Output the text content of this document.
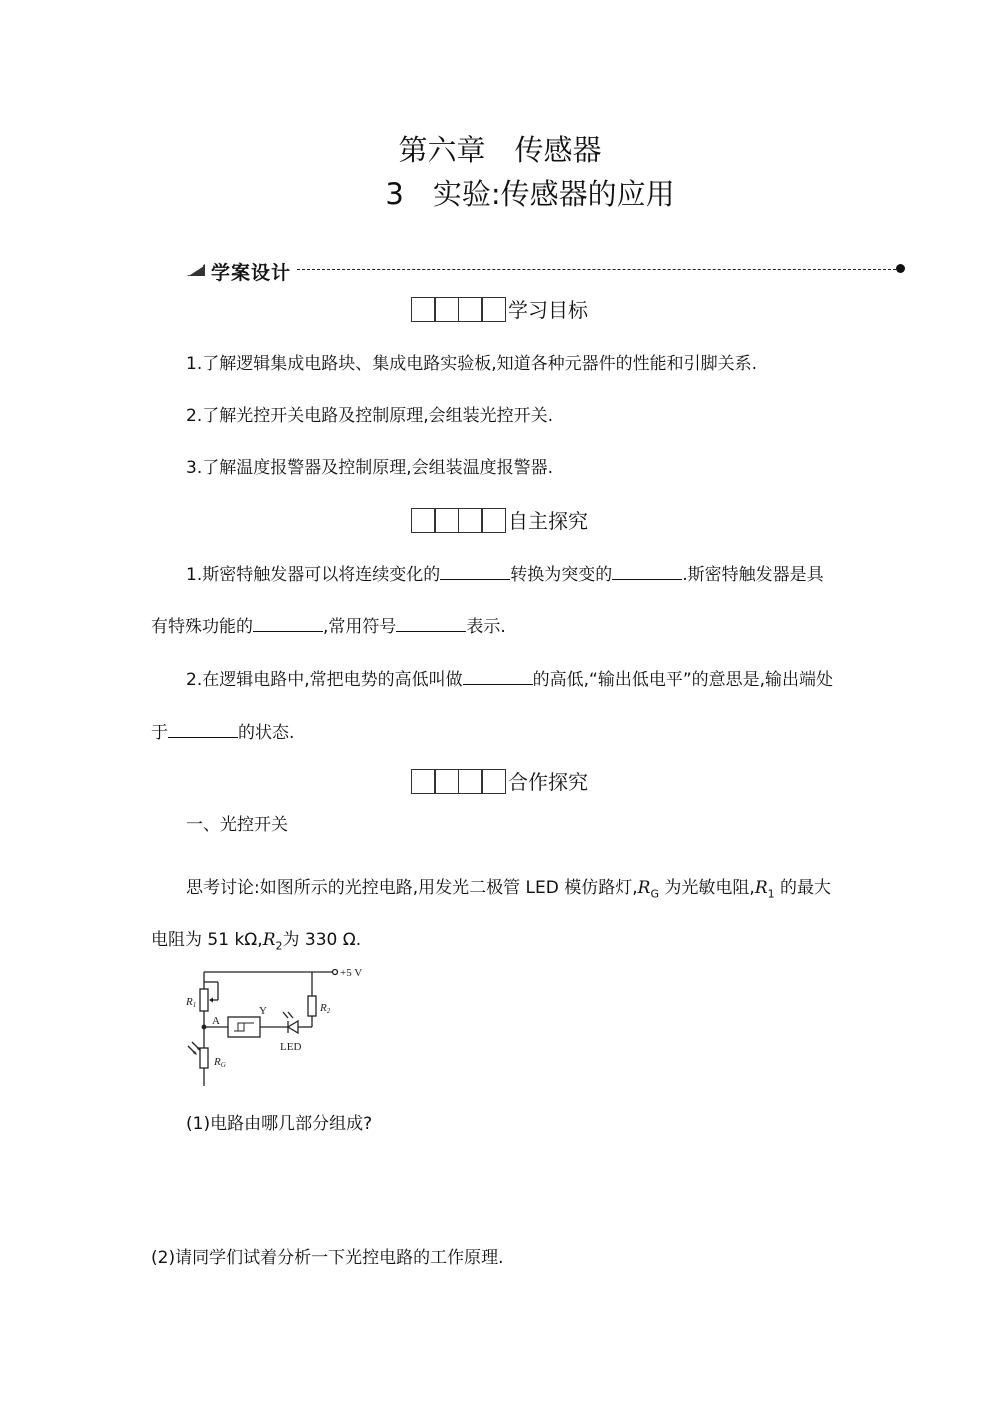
第六章　传感器
3　实验:传感器的应用
学案设计
学习目标
1.了解逻辑集成电路块、集成电路实验板,知道各种元器件的性能和引脚关系.
2.了解光控开关电路及控制原理,会组装光控开关.
3.了解温度报警器及控制原理,会组装温度报警器.
自主探究
1.斯密特触发器可以将连续变化的	转换为突变的	.斯密特触发器是具
有特殊功能的	,常用符号	表示.
2.在逻辑电路中,常把电势的高低叫做	的高低,“输出低电平”的意思是,输出端处
于	的状态.
合作探究
一、光控开关
思考讨论:如图所示的光控电路,用发光二极管 LED 模仿路灯$,R_G$ 为光敏电阻$,R_1$ 的最大
电阻为 51 $k\Omega,R_2$为 330 Ω.
+5 V
R1
A
Y
LED
R2
RG
(1)电路由哪几部分组成?
(2)请同学们试着分析一下光控电路的工作原理.
